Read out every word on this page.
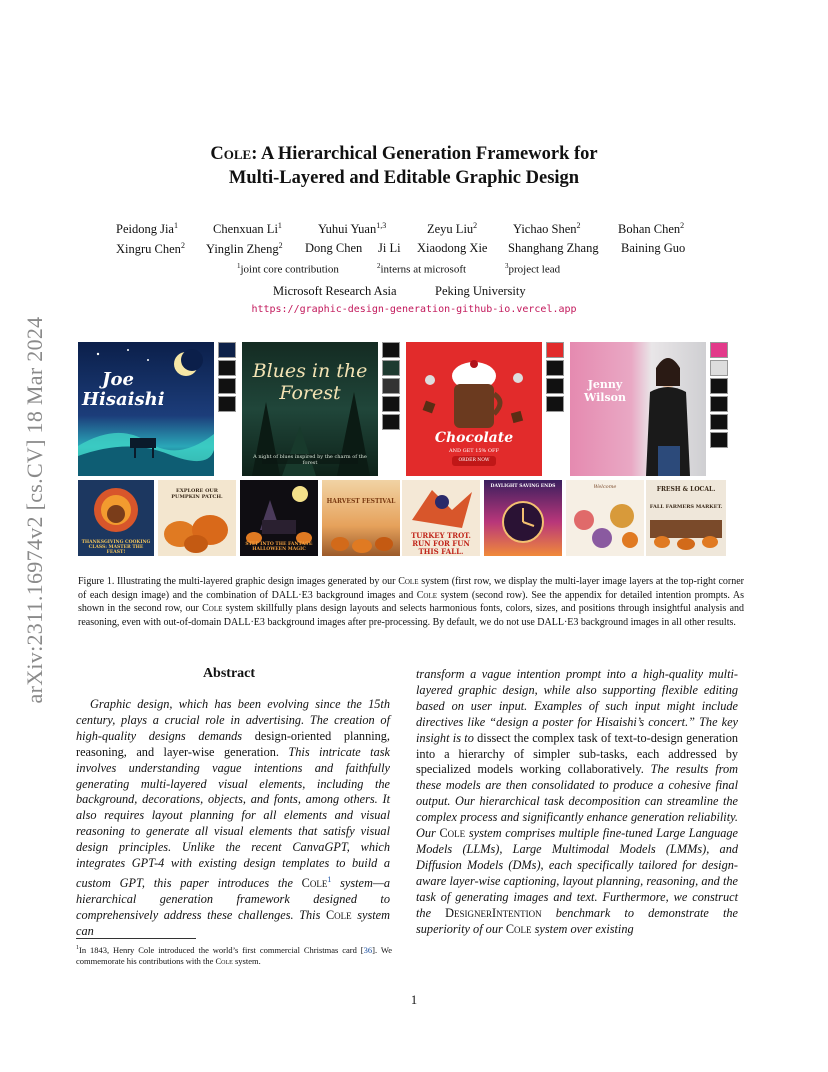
arXiv:2311.16974v2 [cs.CV] 18 Mar 2024
Cole: A Hierarchical Generation Framework for
Multi-Layered and Editable Graphic Design
Peidong Jia$^1$	Chenxuan Li$^1$	Yuhui Yuan$^{1,3}$	Zeyu Liu$^2$	Yichao Shen$^2$	Bohan Chen$^2$
Xingru Chen$^2$ Yinglin Zheng$^2$ Dong Chen Ji Li Xiaodong Xie Shanghang Zhang Baining Guo
$^1$joint core contribution	$^2$interns at microsoft	$^3$project lead
Microsoft Research Asia	Peking University
https://graphic-design-generation-github-io.vercel.app
Joe Hisaishi
Blues in the Forest
A night of blues inspired by the charm of the forest
Chocolate
AND GET 15% OFF
ORDER NOW
Jenny Wilson
THANKSGIVING COOKING CLASS: MASTER THE FEAST!
EXPLORE OUR PUMPKIN PATCH.
STEP INTO THE FANTASY: HALLOWEEN MAGIC
HARVEST FESTIVAL
TURKEY TROT. RUN FOR FUN THIS FALL.
DAYLIGHT SAVING ENDS	Welcome	FRESH & LOCAL.
FALL FARMERS MARKET.
Figure 1. Illustrating the multi-layered graphic design images generated by our Cole system (first row, we display the multi-layer image layers at the top-right corner of each design image) and the combination of DALL·E3 background images and Cole system (second row). See the appendix for detailed intention prompts. As shown in the second row, our Cole system skillfully plans design layouts and selects harmonious fonts, colors, sizes, and positions through insightful analysis and reasoning, even with out-of-domain DALL·E3 background images after pre-processing. By default, we do not use DALL·E3 background images in all other results.
Abstract

Graphic design, which has been evolving since the 15th century, plays a crucial role in advertising. The creation of high-quality designs demands design-oriented planning, reasoning, and layer-wise generation. This intricate task involves understanding vague intentions and faithfully generating multi-layered visual elements, including the background, decorations, objects, and fonts, among others. It also requires layout planning for all elements and visual reasoning to generate all visual elements that satisfy visual design principles. Unlike the recent CanvaGPT, which integrates GPT-4 with existing design templates to build a custom GPT, this paper introduces the Cole$^1$ system—a hierarchical generation framework designed to comprehensively address these challenges. This Cole system can

transform a vague intention prompt into a high-quality multi-layered graphic design, while also supporting flexible editing based on user input. Examples of such input might include directives like “design a poster for Hisaishi’s concert.” The key insight is to dissect the complex task of text-to-design generation into a hierarchy of simpler sub-tasks, each addressed by specialized models working collaboratively. The results from these models are then consolidated to produce a cohesive final output. Our hierarchical task decomposition can streamline the complex process and significantly enhance generation reliability. Our Cole system comprises multiple fine-tuned Large Language Models (LLMs), Large Multimodal Models (LMMs), and Diffusion Models (DMs), each specifically tailored for design-aware layer-wise captioning, layout planning, reasoning, and the task of generating images and text. Furthermore, we construct the DesignerIntention benchmark to demonstrate the superiority of our Cole system over existing

$^1$In 1843, Henry Cole introduced the world’s first commercial Christmas card [36]. We commemorate his contributions with the Cole system.
1
